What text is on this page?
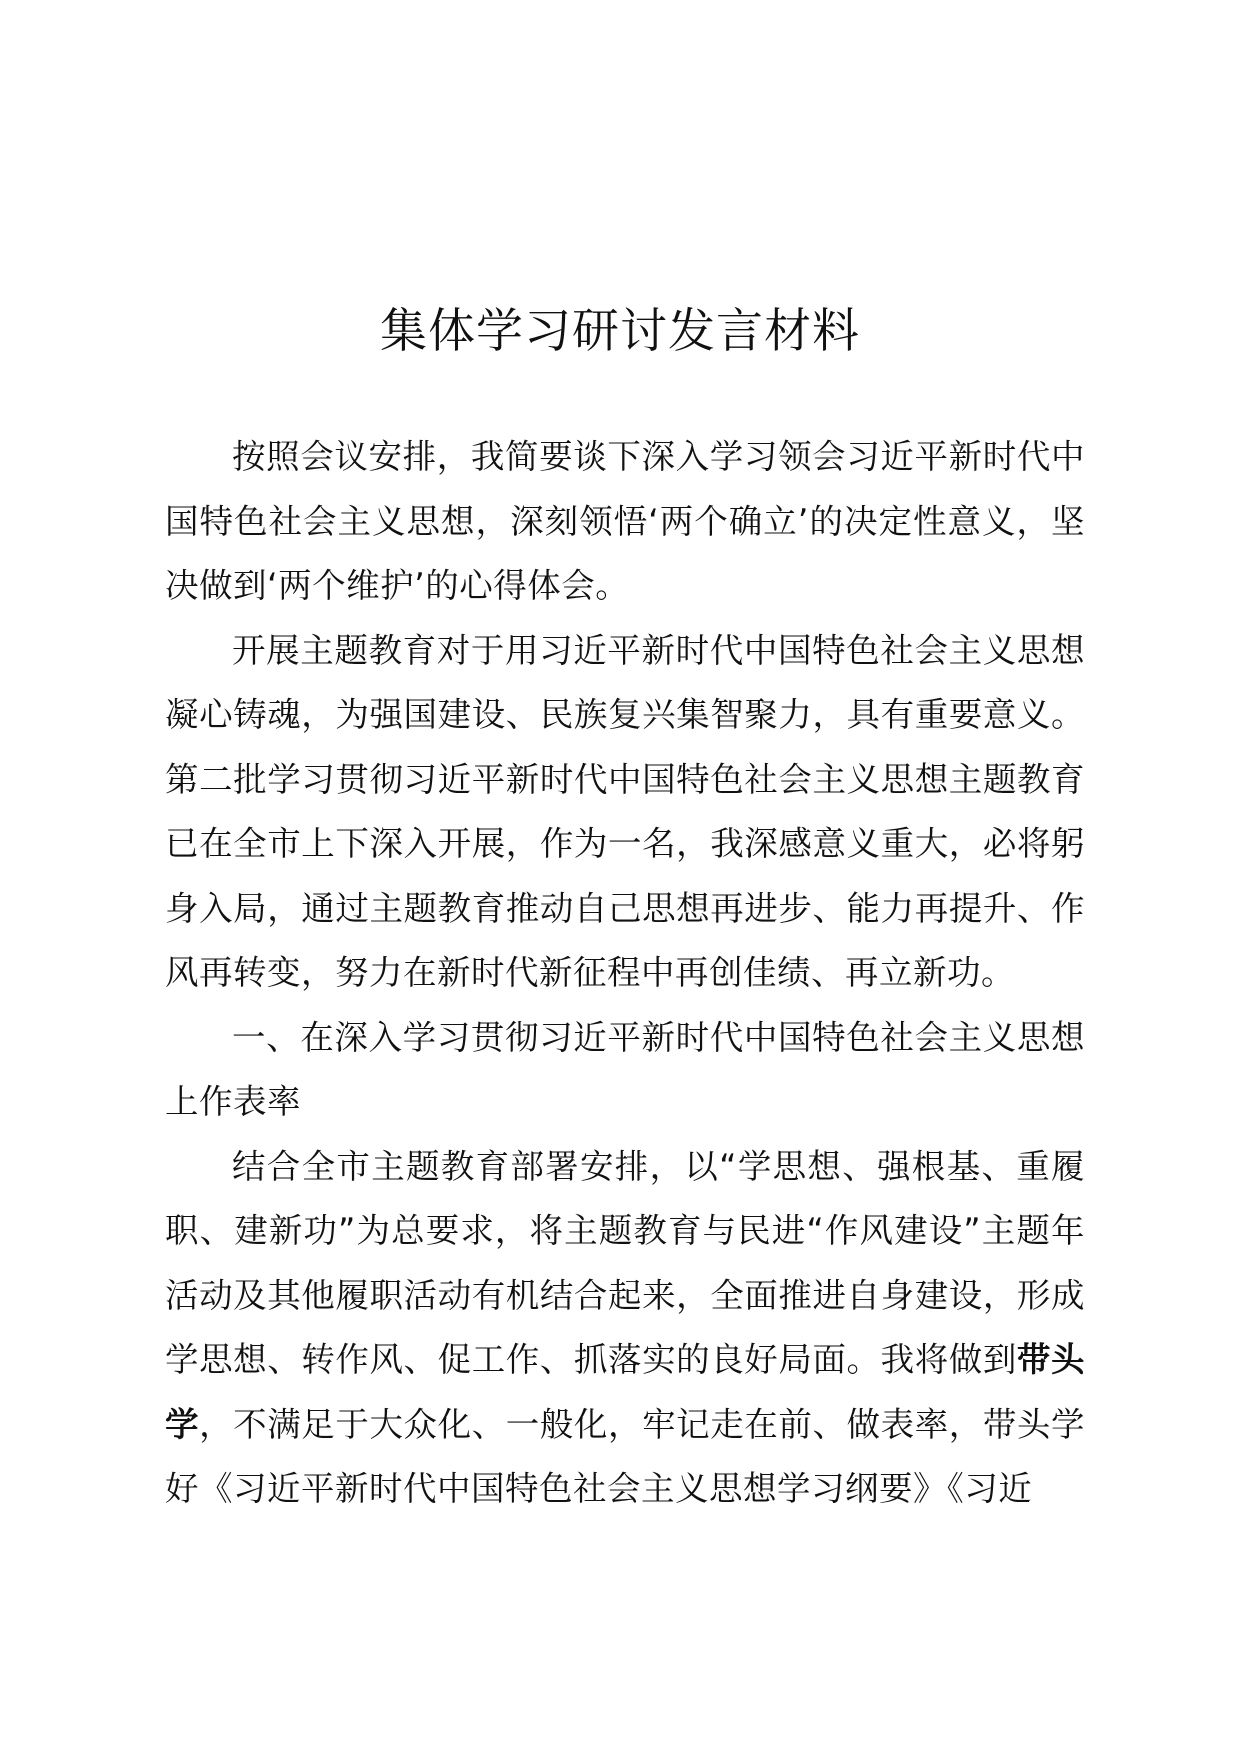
集体学习研讨发言材料

按照会议安排，我简要谈下深入学习领会习近平新时代中国特色社会主义思想，深刻领悟‘两个确立’的决定性意义，坚决做到‘两个维护’的心得体会。

开展主题教育对于用习近平新时代中国特色社会主义思想凝心铸魂，为强国建设、民族复兴集智聚力，具有重要意义。第二批学习贯彻习近平新时代中国特色社会主义思想主题教育已在全市上下深入开展，作为一名，我深感意义重大，必将躬身入局，通过主题教育推动自己思想再进步、能力再提升、作风再转变，努力在新时代新征程中再创佳绩、再立新功。

一、在深入学习贯彻习近平新时代中国特色社会主义思想上作表率

结合全市主题教育部署安排，以“学思想、强根基、重履职、建新功”为总要求，将主题教育与民进“作风建设”主题年活动及其他履职活动有机结合起来，全面推进自身建设，形成学思想、转作风、促工作、抓落实的良好局面。我将做到带头学，不满足于大众化、一般化，牢记走在前、做表率，带头学好《习近平新时代中国特色社会主义思想学习纲要》《习近
